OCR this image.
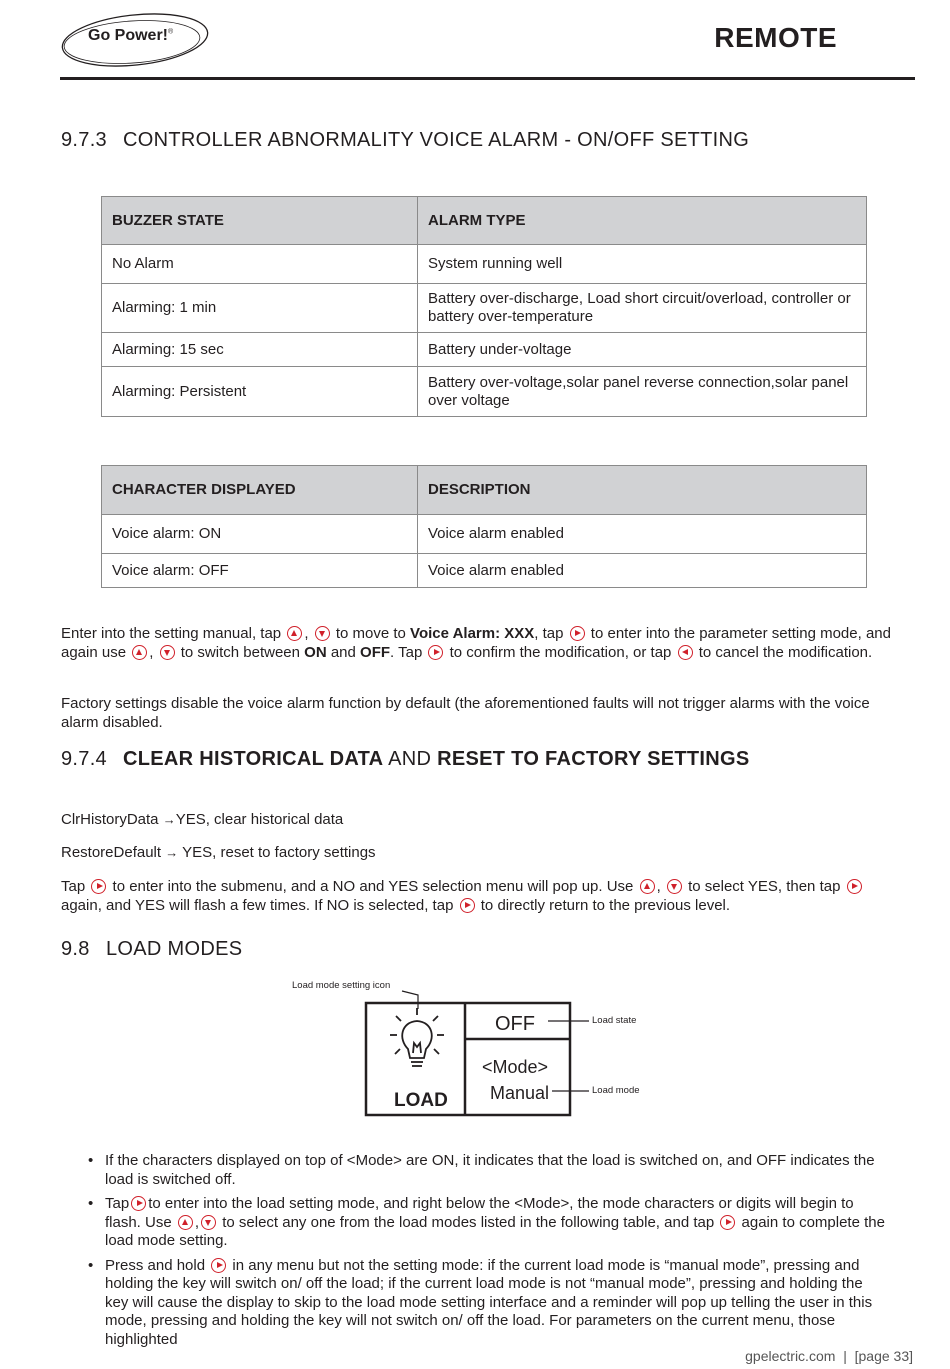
Go Power!®	REMOTE
9.7.3 CONTROLLER ABNORMALITY VOICE ALARM - ON/OFF SETTING
BUZZER STATE	ALARM TYPE
No Alarm	System running well
Alarming: 1 min	Battery over-discharge, Load short circuit/overload, controller or battery over-temperature
Alarming: 15 sec	Battery under-voltage
Alarming: Persistent	Battery over-voltage,solar panel reverse connection,solar panel over voltage
CHARACTER DISPLAYED	DESCRIPTION
Voice alarm: ON	Voice alarm enabled
Voice alarm: OFF	Voice alarm enabled
Enter into the setting manual, tap , to move to Voice Alarm: XXX, tap to enter into the parameter setting mode, and again use , to switch between ON and OFF. Tap to confirm the modification, or tap to cancel the modification.
Factory settings disable the voice alarm function by default (the aforementioned faults will not trigger alarms with the voice alarm disabled.
9.7.4 CLEAR HISTORICAL DATA AND RESET TO FACTORY SETTINGS
ClrHistoryData →YES, clear historical data
RestoreDefault → YES, reset to factory settings
Tap to enter into the submenu, and a NO and YES selection menu will pop up. Use , to select YES, then tap  again, and YES will flash a few times. If NO is selected, tap to directly return to the previous level.
9.8 LOAD MODES
Load mode setting icon
LOAD
OFF
<Mode>
Manual
Load state
Load mode
• If the characters displayed on top of <Mode> are ON, it indicates that the load is switched on, and OFF indicates the load is switched off.
• Tap to enter into the load setting mode, and right below the <Mode>, the mode characters or digits will begin to flash. Use , to select any one from the load modes listed in the following table, and tap again to complete the load mode setting.
• Press and hold in any menu but not the setting mode: if the current load mode is “manual mode”, pressing and holding the key will switch on/ off the load; if the current load mode is not “manual mode”, pressing and holding the key will cause the display to skip to the load mode setting interface and a reminder will pop up telling the user in this mode, pressing and holding the key will not switch on/ off the load. For parameters on the current menu, those highlighted
gpelectric.com | [page 33]
